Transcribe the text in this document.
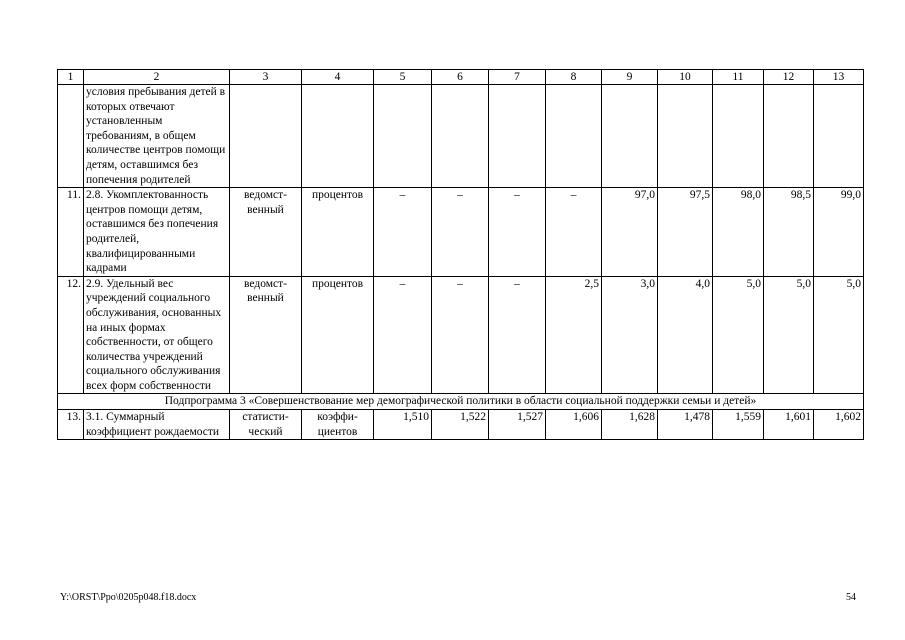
1	2	3	4	5	6	7	8	9	10	11	12	13
	условия пребывания детей в которых отвечают установленным требованиям, в общем количестве центров помощи детям, оставшимся без попечения родителей											
11.	2.8. Укомплектованность центров помощи детям, оставшимся без попечения родителей, квалифицированными кадрами	ведомст-венный	процентов	–	–	–	–	97,0	97,5	98,0	98,5	99,0
12.	2.9. Удельный вес учреждений социального обслуживания, основанных на иных формах собственности, от общего количества учреждений социального обслуживания всех форм собственности	ведомст-венный	процентов	–	–	–	2,5	3,0	4,0	5,0	5,0	5,0
Подпрограмма 3 «Совершенствование мер демографической политики в области социальной поддержки семьи и детей»												
13.	3.1. Суммарный коэффициент рождаемости	статисти-ческий	коэффи-циентов	1,510	1,522	1,527	1,606	1,628	1,478	1,559	1,601	1,602
Y:\ORST\Ppo\0205p048.f18.docx	54
